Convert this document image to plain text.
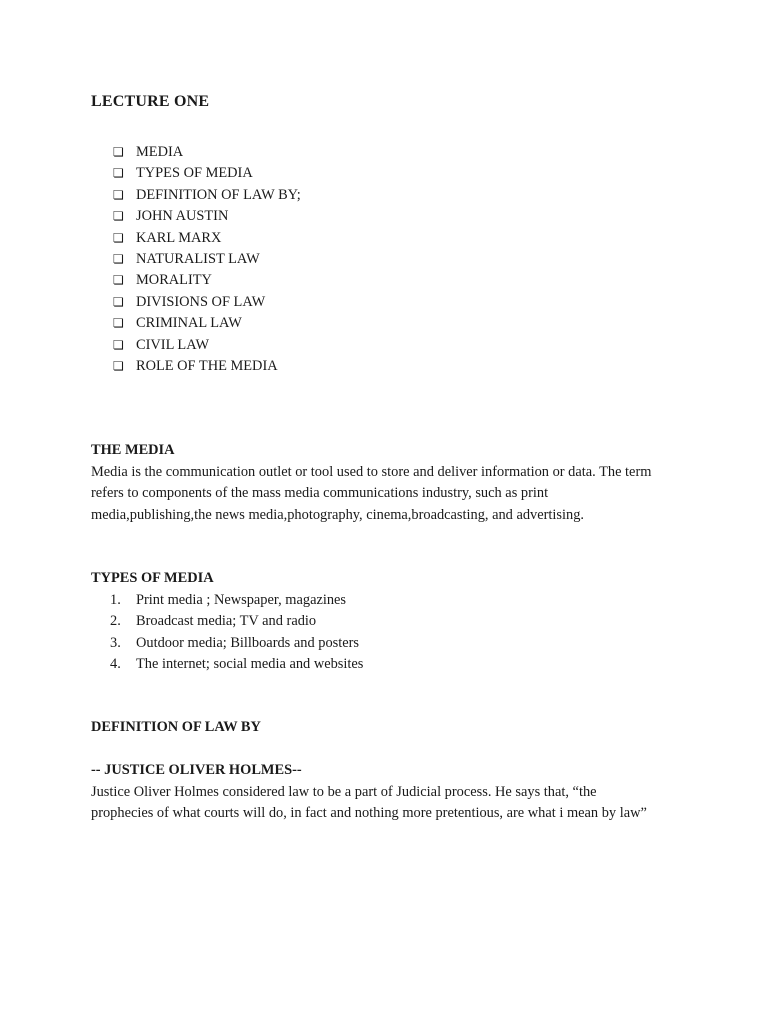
LECTURE ONE
❏ MEDIA
❏ TYPES OF MEDIA
❏ DEFINITION OF LAW BY;
❏ JOHN AUSTIN
❏ KARL MARX
❏ NATURALIST LAW
❏ MORALITY
❏ DIVISIONS OF LAW
❏ CRIMINAL LAW
❏ CIVIL LAW
❏ ROLE OF THE MEDIA
THE MEDIA

Media is the communication outlet or tool used to store and deliver information or data. The term
refers to components of the mass media communications industry, such as print
media,publishing,the news media,photography, cinema,broadcasting, and advertising.

TYPES OF MEDIA
1.	Print media ; Newspaper, magazines
2.	Broadcast media; TV and radio
3.	Outdoor media; Billboards and posters
4.	The internet; social media and websites
DEFINITION OF LAW BY
-- JUSTICE OLIVER HOLMES--

Justice Oliver Holmes considered law to be a part of Judicial process. He says that, “the
prophecies of what courts will do, in fact and nothing more pretentious, are what i mean by law”
